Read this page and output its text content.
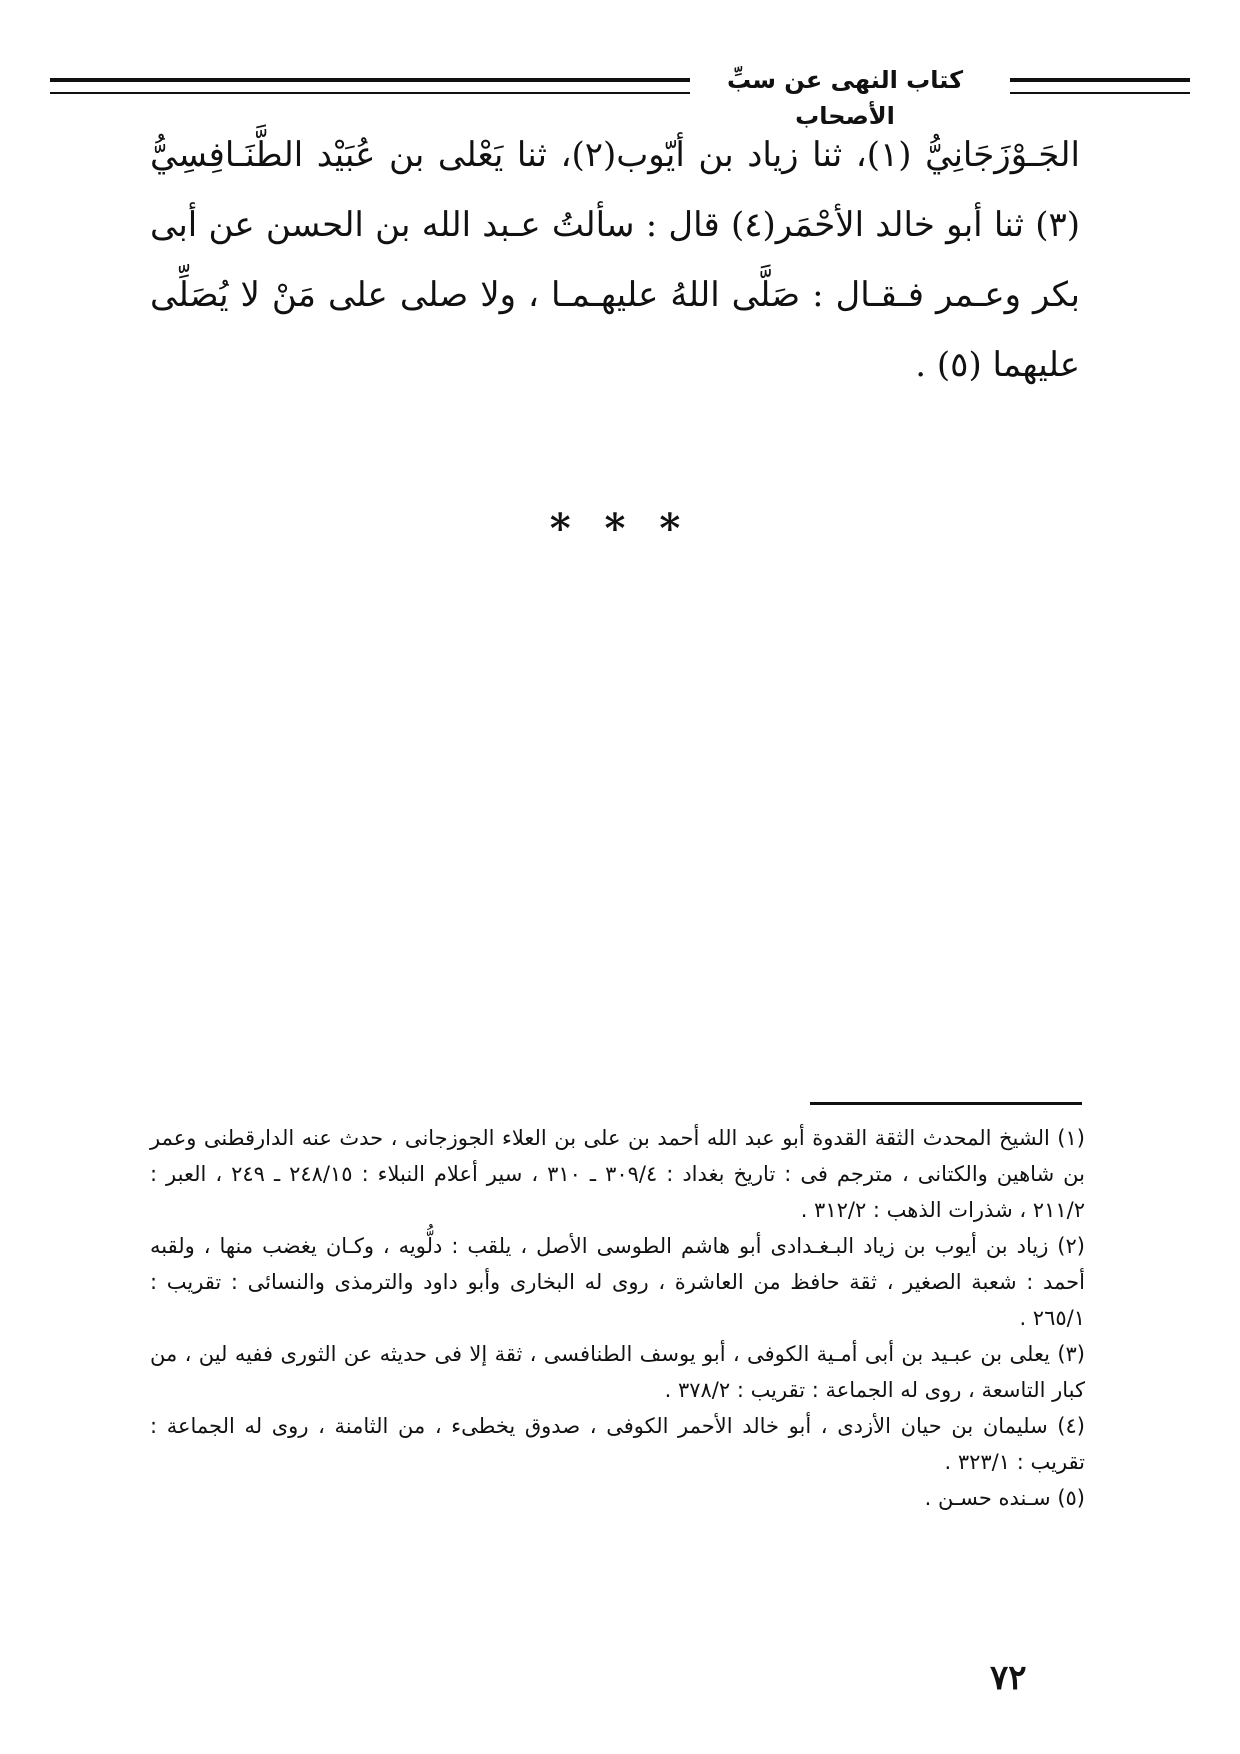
كتاب النهى عن سبِّ الأصحاب

الجَـوْزَجَانِيُّ (١)، ثنا زياد بن أيّوب(٢)، ثنا يَعْلى بن عُبَيْد الطَّنَـافِسِيُّ (٣) ثنا أبو خالد الأحْمَر(٤) قال : سألتُ عـبد الله بن الحسن عن أبى بكر وعـمر فـقـال : صَلَّى اللهُ عليهـمـا ، ولا صلى على مَنْ لا يُصَلِّى عليهما (٥) .

* * *

(١) الشيخ المحدث الثقة القدوة أبو عبد الله أحمد بن على بن العلاء الجوزجانى ، حدث عنه الدارقطنى وعمر بن شاهين والكتانى ، مترجم فى : تاريخ بغداد : ٣٠٩/٤ ـ ٣١٠ ، سير أعلام النبلاء : ٢٤٨/١٥ ـ ٢٤٩ ، العبر : ٢١١/٢ ، شذرات الذهب : ٣١٢/٢ .

(٢) زياد بن أيوب بن زياد البـغـدادى أبو هاشم الطوسى الأصل ، يلقب : دلُّويه ، وكـان يغضب منها ، ولقبه أحمد : شعبة الصغير ، ثقة حافظ من العاشرة ، روى له البخارى وأبو داود والترمذى والنسائى : تقريب : ٢٦٥/١ .

(٣) يعلى بن عبـيد بن أبى أمـية الكوفى ، أبو يوسف الطنافسى ، ثقة إلا فى حديثه عن الثورى ففيه لين ، من كبار التاسعة ، روى له الجماعة : تقريب : ٣٧٨/٢ .

(٤) سليمان بن حيان الأزدى ، أبو خالد الأحمر الكوفى ، صدوق يخطىء ، من الثامنة ، روى له الجماعة : تقريب : ٣٢٣/١ .

(٥) سـنده حسـن .

٧٢
